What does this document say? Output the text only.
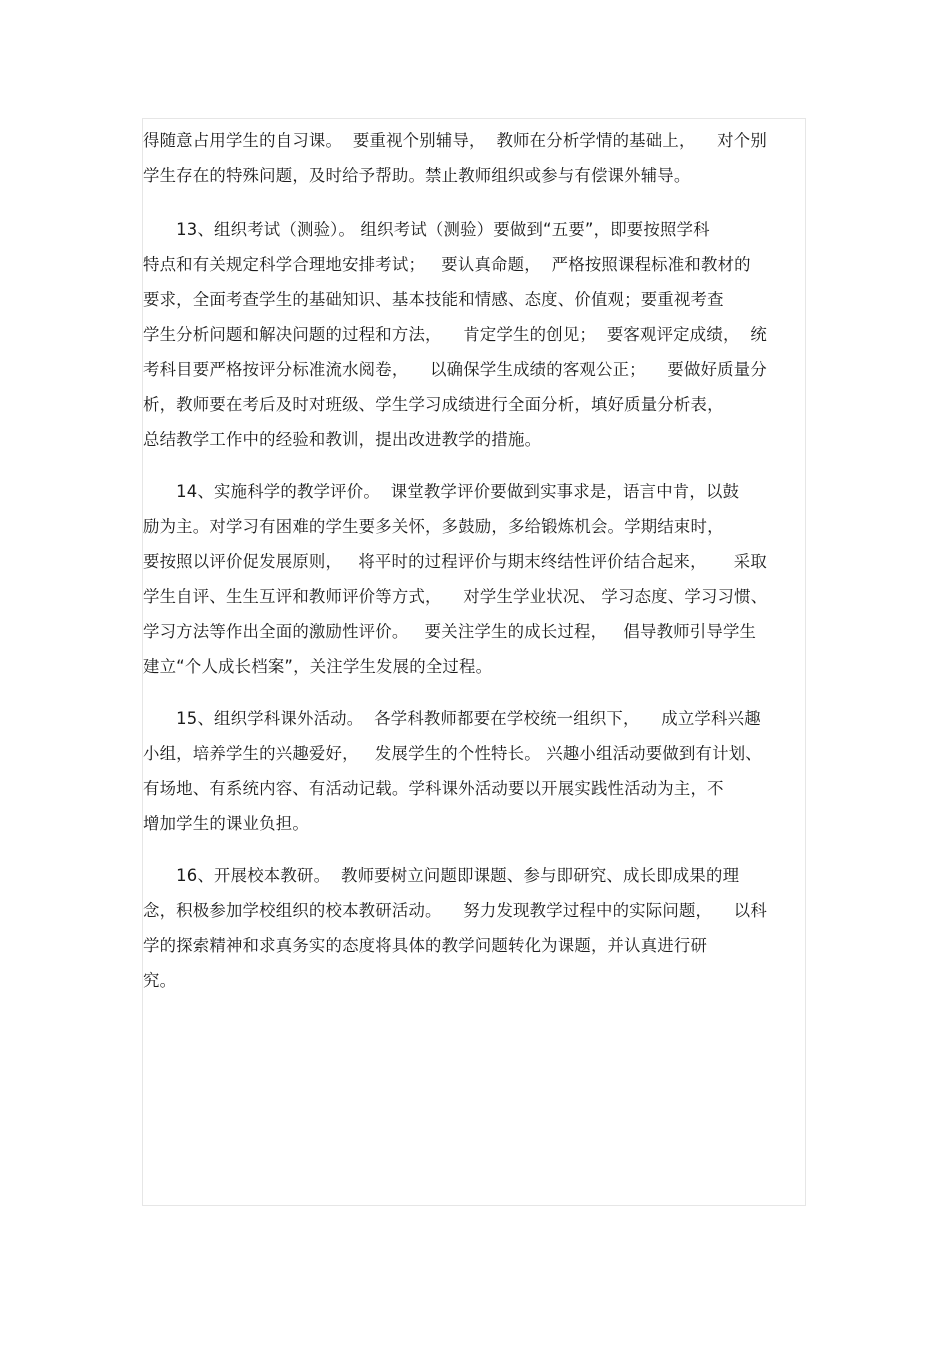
得随意占用学生的自习课。  要重视个别辅导，  教师在分析学情的基础上，    对个别
学生存在的特殊问题，及时给予帮助。禁止教师组织或参与有偿课外辅导。
　　13、组织考试（测验）。 组织考试（测验）要做到“五要”，即要按照学科
特点和有关规定科学合理地安排考试；   要认真命题，  严格按照课程标准和教材的
要求，全面考查学生的基础知识、基本技能和情感、态度、价值观；要重视考查
学生分析问题和解决问题的过程和方法，    肯定学生的创见；  要客观评定成绩，  统
考科目要严格按评分标准流水阅卷，    以确保学生成绩的客观公正；    要做好质量分
析，教师要在考后及时对班级、学生学习成绩进行全面分析，填好质量分析表，
总结教学工作中的经验和教训，提出改进教学的措施。
　　14、实施科学的教学评价。  课堂教学评价要做到实事求是，语言中肯，以鼓
励为主。对学习有困难的学生要多关怀，多鼓励，多给锻炼机会。学期结束时，
要按照以评价促发展原则，   将平时的过程评价与期末终结性评价结合起来，     采取
学生自评、生生互评和教师评价等方式，    对学生学业状况、 学习态度、学习习惯、
学习方法等作出全面的激励性评价。   要关注学生的成长过程，   倡导教师引导学生
建立“个人成长档案”，关注学生发展的全过程。
　　15、组织学科课外活动。  各学科教师都要在学校统一组织下，    成立学科兴趣
小组，培养学生的兴趣爱好，   发展学生的个性特长。 兴趣小组活动要做到有计划、
有场地、有系统内容、有活动记载。学科课外活动要以开展实践性活动为主，不
增加学生的课业负担。
　　16、开展校本教研。  教师要树立问题即课题、参与即研究、成长即成果的理
念，积极参加学校组织的校本教研活动。    努力发现教学过程中的实际问题，    以科
学的探索精神和求真务实的态度将具体的教学问题转化为课题，并认真进行研
究。
